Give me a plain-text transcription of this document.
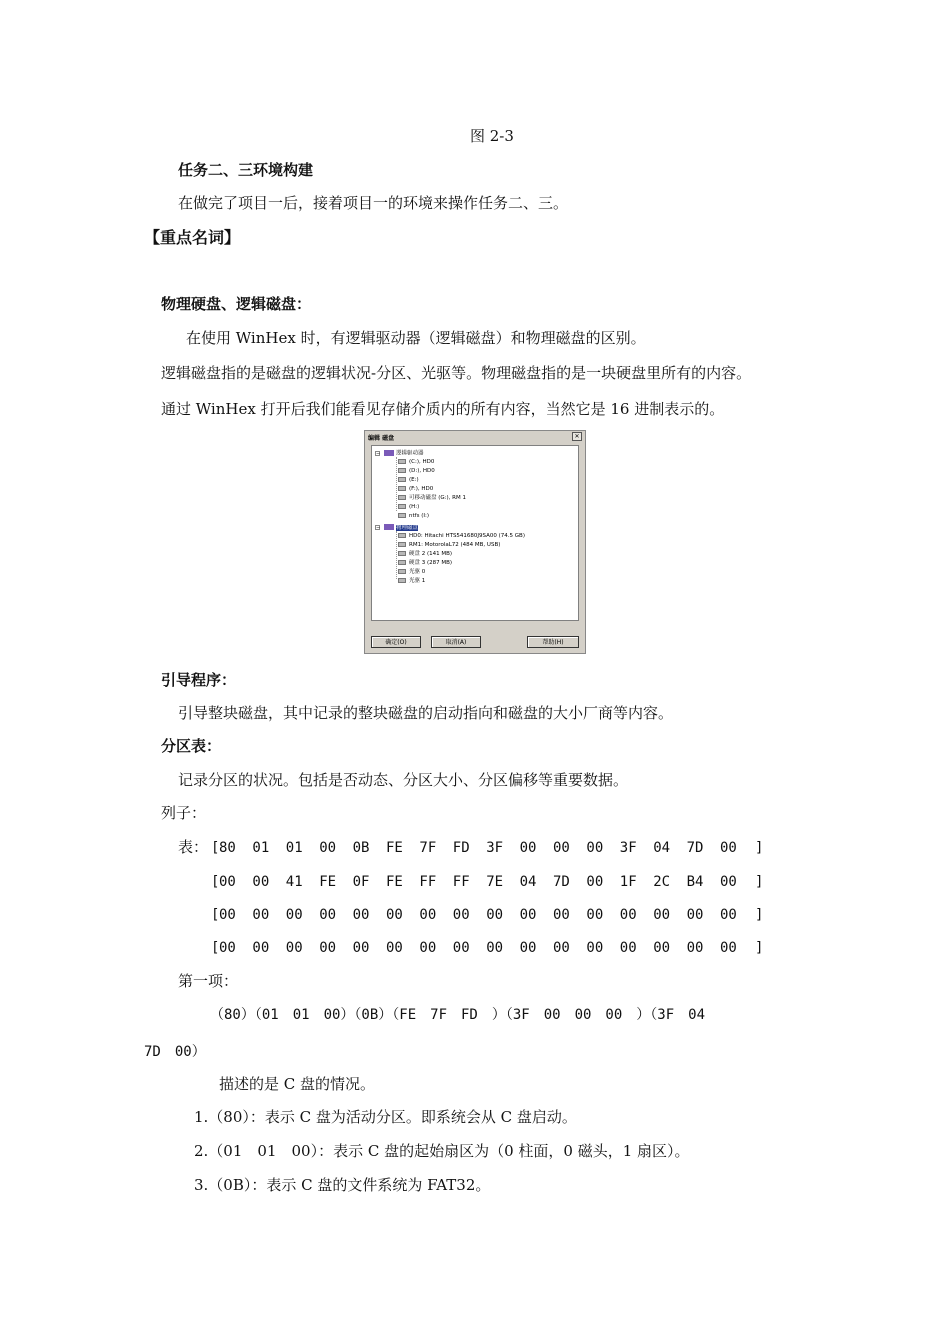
图 2-3
任务二、三环境构建
在做完了项目一后，接着项目一的环境来操作任务二、三。
【重点名词】
物理硬盘、逻辑磁盘：
在使用 WinHex 时，有逻辑驱动器（逻辑磁盘）和物理磁盘的区别。
逻辑磁盘指的是磁盘的逻辑状况-分区、光驱等。物理磁盘指的是一块硬盘里所有的内容。
通过 WinHex 打开后我们能看见存储介质内的所有内容，当然它是 16 进制表示的。
编辑 磁盘	✕
−	逻辑驱动器
(C:), HD0
(D:), HD0
(E:)
(F:), HD0
可移动磁盘 (G:), RM 1
(H:)
ntfs (I:)
−	物理磁盘
HD0: Hitachi HTS541680J9SA00 (74.5 GB)
RM1: MotorolaL72 (484 MB, USB)
硬盘 2 (141 MB)
硬盘 3 (287 MB)
光驱 0
光驱 1
确定(O)	取消(A)	帮助(H)
引导程序：
引导整块磁盘，其中记录的整块磁盘的启动指向和磁盘的大小厂商等内容。
分区表：
记录分区的状况。包括是否动态、分区大小、分区偏移等重要数据。
列子：
表： [ 80 01 01 00 0B FE 7F FD 3F 00 00 00 3F 04 7D 00 ]
[ 00 00 41 FE 0F FE FF FF 7E 04 7D 00 1F 2C B4 00 ]
[ 00 00 00 00 00 00 00 00 00 00 00 00 00 00 00 00 ]
[ 00 00 00 00 00 00 00 00 00 00 00 00 00 00 00 00 ]
第一项：
（80）（01　01　00）（0B）（FE　7F　FD　）（3F　00　00　00　）（3F　04
7D　00）
描述的是 C 盘的情况。
1.（80）：表示 C 盘为活动分区。即系统会从 C 盘启动。
2.（01　01　00）：表示 C 盘的起始扇区为（0 柱面，0 磁头，1 扇区）。
3.（0B）：表示 C 盘的文件系统为 FAT32。
